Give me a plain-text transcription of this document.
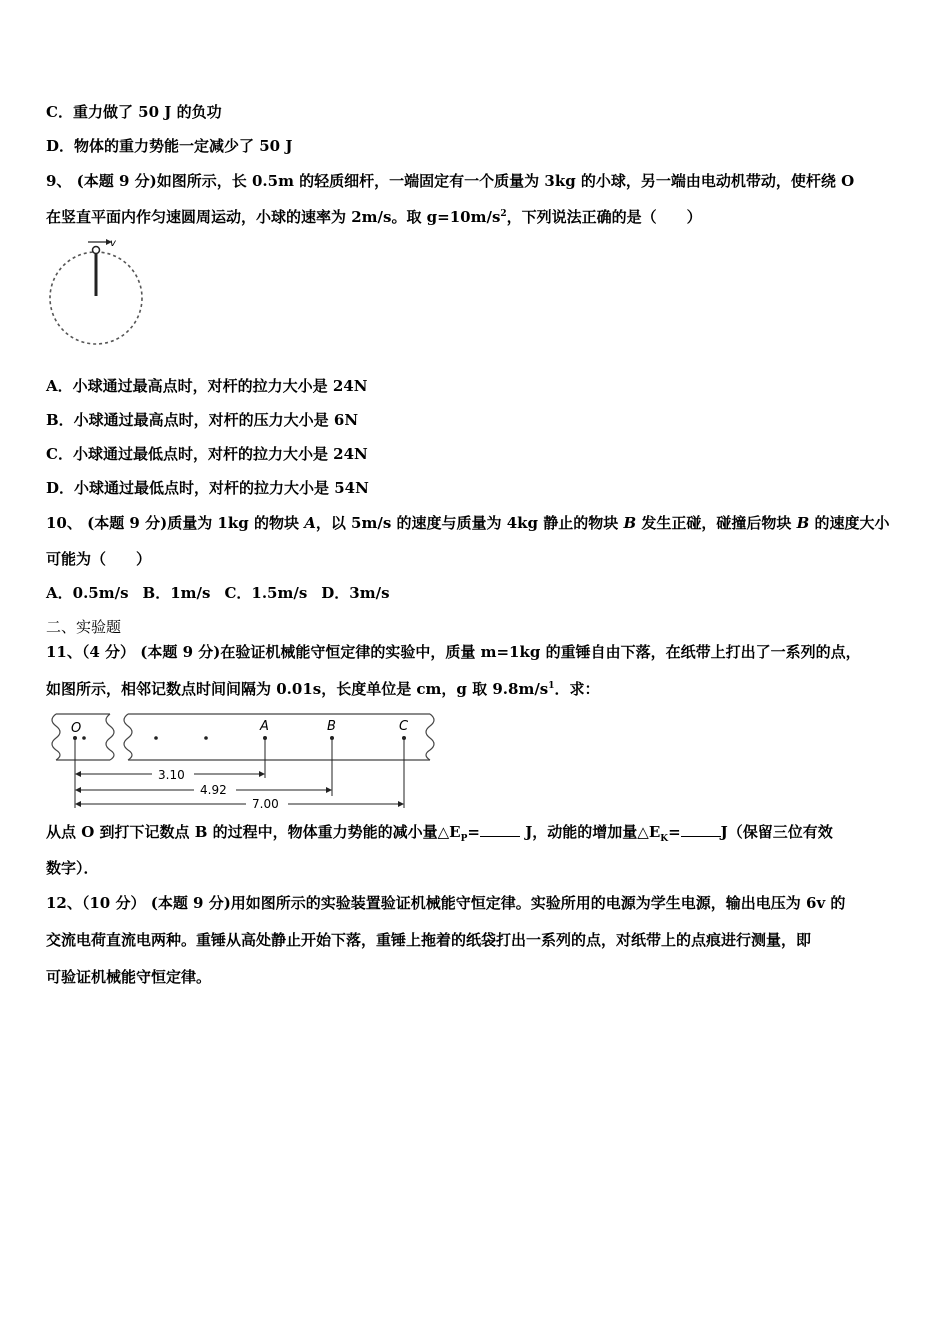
C．重力做了 50 J 的负功
D．物体的重力势能一定减少了 50 J
9、 (本题 9 分)如图所示，长 0.5m 的轻质细杆，一端固定有一个质量为 3kg 的小球，另一端由电动机带动，使杆绕 O
在竖直平面内作匀速圆周运动，小球的速率为 2m/s。取 $g=10m/s^2$，下列说法正确的是（　　）
v
A．小球通过最高点时，对杆的拉力大小是 24N
B．小球通过最高点时，对杆的压力大小是 6N
C．小球通过最低点时，对杆的拉力大小是 24N
D．小球通过最低点时，对杆的拉力大小是 54N
10、 (本题 9 分)质量为 1kg 的物块 A，以 5m/s 的速度与质量为 4kg 静止的物块 B 发生正碰，碰撞后物块 B 的速度大小
可能为（　　）
A．0.5m/s B．1m/s C．1.5m/s D．3m/s
二、实验题
11、（4 分） (本题 9 分)在验证机械能守恒定律的实验中，质量 m=1kg 的重锤自由下落，在纸带上打出了一系列的点，
如图所示，相邻记数点时间间隔为 0.01s，长度单位是 cm，g 取 $9.8m/s^1$．求：
O	A	B	C
3.10
4.92
7.00
从点 O 到打下记数点 B 的过程中，物体重力势能的减小量$\triangle E_P=$	J，动能的增加量$\triangle E_K=$	J（保留三位有效
数字）．
12、（10 分） (本题 9 分)用如图所示的实验装置验证机械能守恒定律。实验所用的电源为学生电源，输出电压为 6v 的
交流电荷直流电两种。重锤从高处静止开始下落，重锤上拖着的纸袋打出一系列的点，对纸带上的点痕进行测量，即
可验证机械能守恒定律。
